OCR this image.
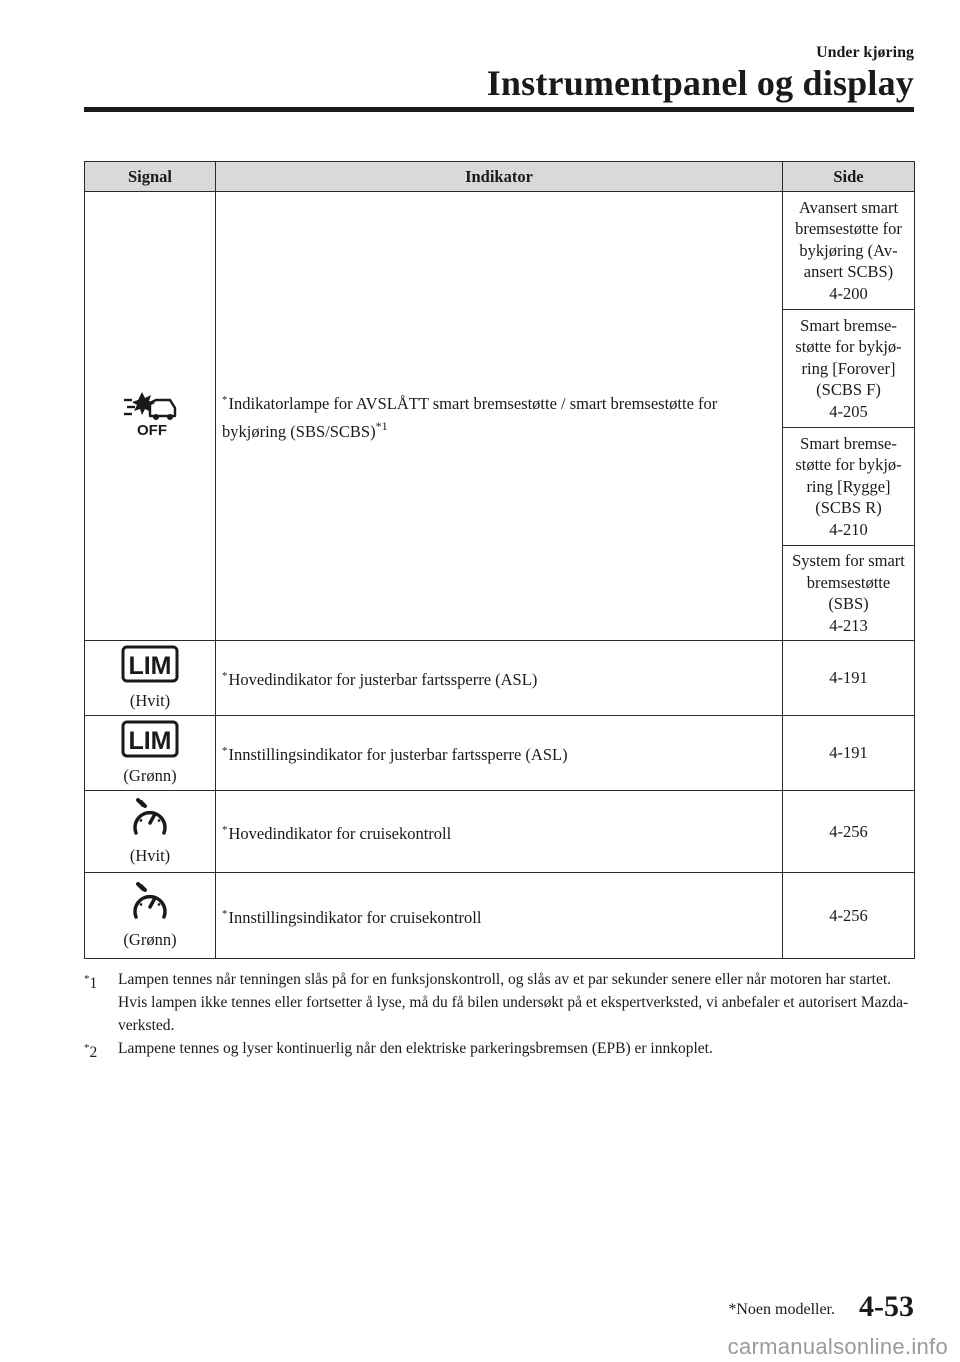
Under kjøring
Instrumentpanel og display
Signal	Indikator	Side

OFF	*Indikatorlampe for AVSLÅTT smart bremsestøtte / smart bremsestøtte for bykjøring (SBS/SCBS)$^{*1}$	Avansert smart
bremsestøtte for
bykjøring (Av-
ansert SCBS)
4-200
		Smart bremse-
støtte for bykjø-
ring [Forover]
(SCBS F)
4-205
		Smart bremse-
støtte for bykjø-
ring [Rygge]
(SCBS R)
4-210
		System for smart
bremsestøtte
(SBS)
4-213

LIM
(Hvit)	*Hovedindikator for justerbar fartssperre (ASL)	4-191

LIM
(Grønn)	*Innstillingsindikator for justerbar fartssperre (ASL)	4-191

(Hvit)	*Hovedindikator for cruisekontroll	4-256

(Grønn)	*Innstillingsindikator for cruisekontroll	4-256
*1 Lampen tennes når tenningen slås på for en funksjonskontroll, og slås av et par sekunder senere eller når motoren har startet. Hvis lampen ikke tennes eller fortsetter å lyse, må du få bilen undersøkt på et ekspertverksted, vi anbefaler et autorisert Mazda-verksted.
*2 Lampene tennes og lyser kontinuerlig når den elektriske parkeringsbremsen (EPB) er innkoplet.
*Noen modeller. 4-53
carmanualsonline.info
